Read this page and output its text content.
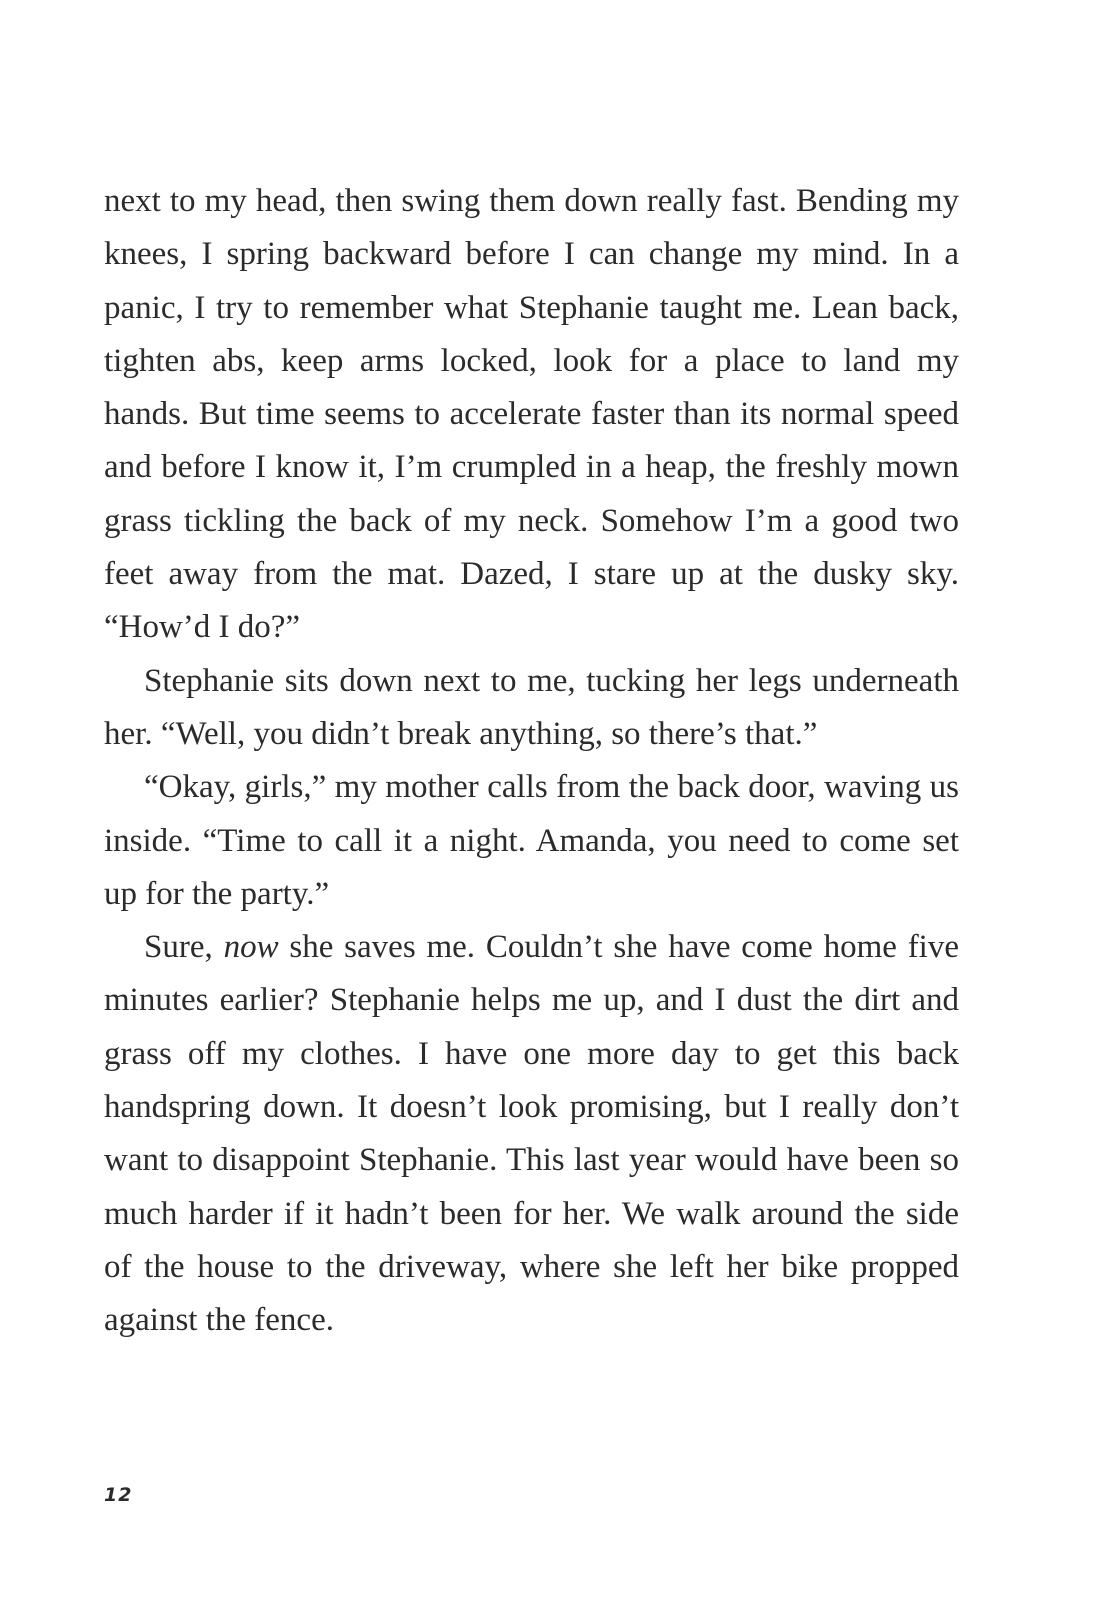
next to my head, then swing them down really fast. Bending my knees, I spring backward before I can change my mind. In a panic, I try to remember what Stephanie taught me. Lean back, tighten abs, keep arms locked, look for a place to land my hands. But time seems to accelerate faster than its normal speed and before I know it, I’m crumpled in a heap, the freshly mown grass tickling the back of my neck. Somehow I’m a good two feet away from the mat. Dazed, I stare up at the dusky sky. “How’d I do?”

Stephanie sits down next to me, tucking her legs underneath her. “Well, you didn’t break anything, so there’s that.”

“Okay, girls,” my mother calls from the back door, waving us inside. “Time to call it a night. Amanda, you need to come set up for the party.”

Sure, now she saves me. Couldn’t she have come home five minutes earlier? Stephanie helps me up, and I dust the dirt and grass off my clothes. I have one more day to get this back handspring down. It doesn’t look promising, but I really don’t want to disappoint Stephanie. This last year would have been so much harder if it hadn’t been for her. We walk around the side of the house to the driveway, where she left her bike propped against the fence.

12
